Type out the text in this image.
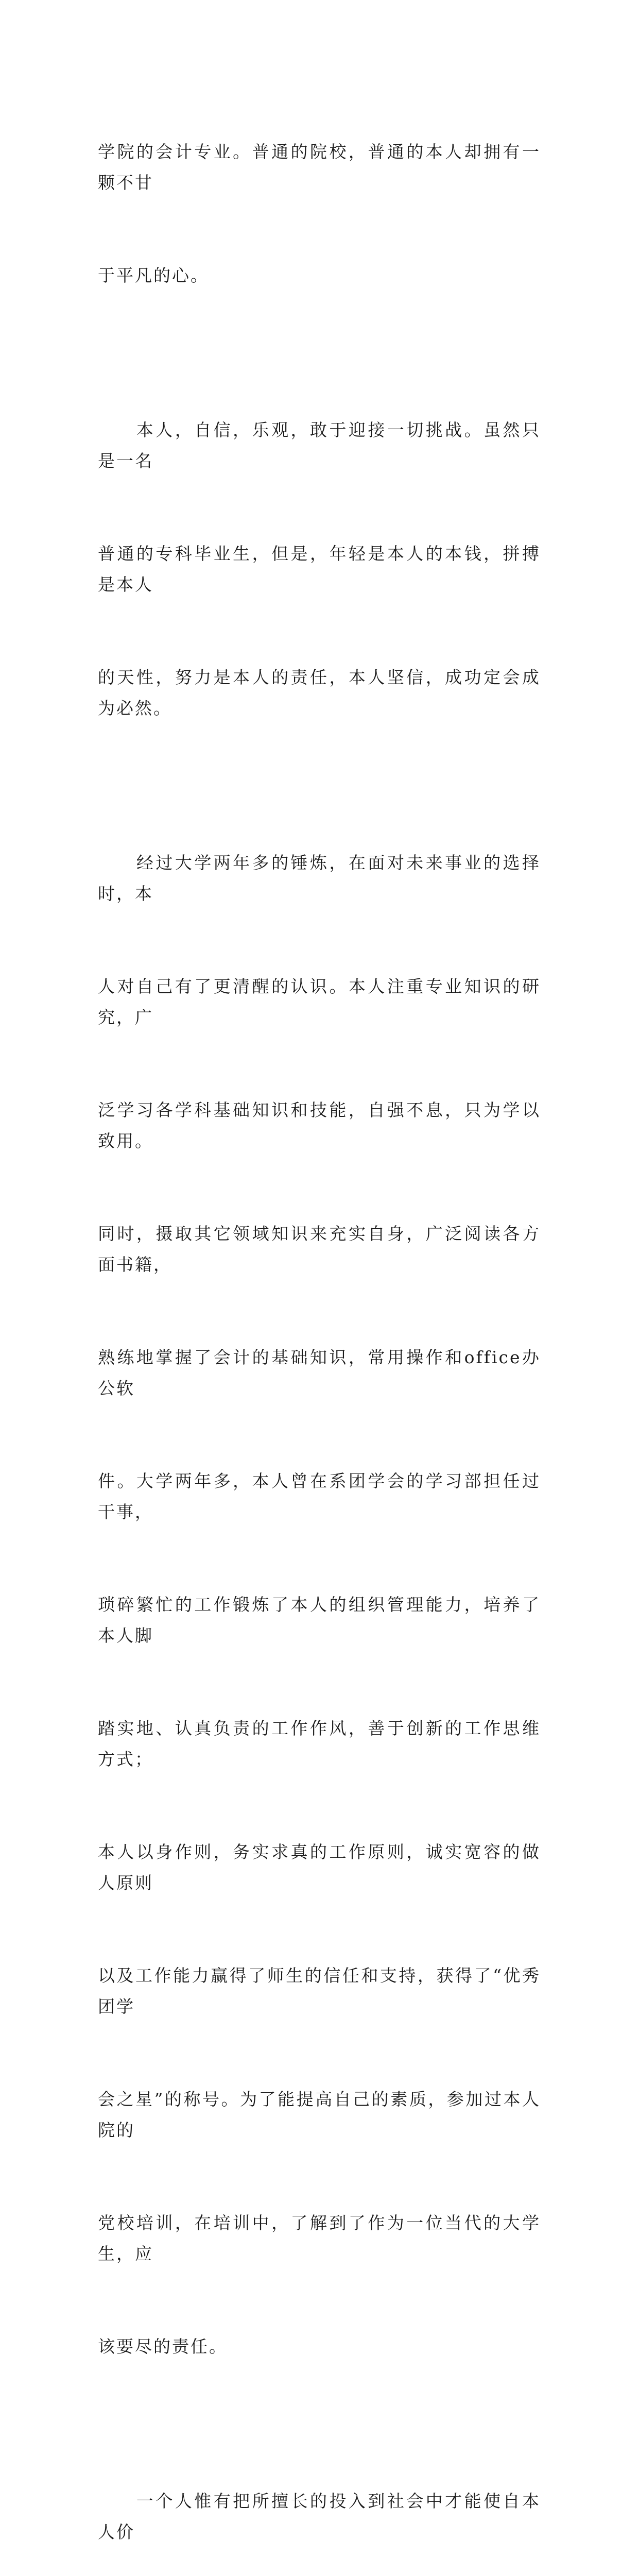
学院的会计专业。普通的院校，普通的本人却拥有一颗不甘

于平凡的心。

　　本人，自信，乐观，敢于迎接一切挑战。虽然只是一名

普通的专科毕业生，但是，年轻是本人的本钱，拼搏是本人

的天性，努力是本人的责任，本人坚信，成功定会成为必然。

　　经过大学两年多的锤炼，在面对未来事业的选择时，本

人对自己有了更清醒的认识。本人注重专业知识的研究，广

泛学习各学科基础知识和技能，自强不息，只为学以致用。

同时，摄取其它领域知识来充实自身，广泛阅读各方面书籍，

熟练地掌握了会计的基础知识，常用操作和office办公软

件。大学两年多，本人曾在系团学会的学习部担任过干事，

琐碎繁忙的工作锻炼了本人的组织管理能力，培养了本人脚

踏实地、认真负责的工作作风，善于创新的工作思维方式；

本人以身作则，务实求真的工作原则，诚实宽容的做人原则

以及工作能力赢得了师生的信任和支持，获得了“优秀团学

会之星”的称号。为了能提高自己的素质，参加过本人院的

党校培训，在培训中，了解到了作为一位当代的大学生，应

该要尽的责任。

　　一个人惟有把所擅长的投入到社会中才能使自本人价
